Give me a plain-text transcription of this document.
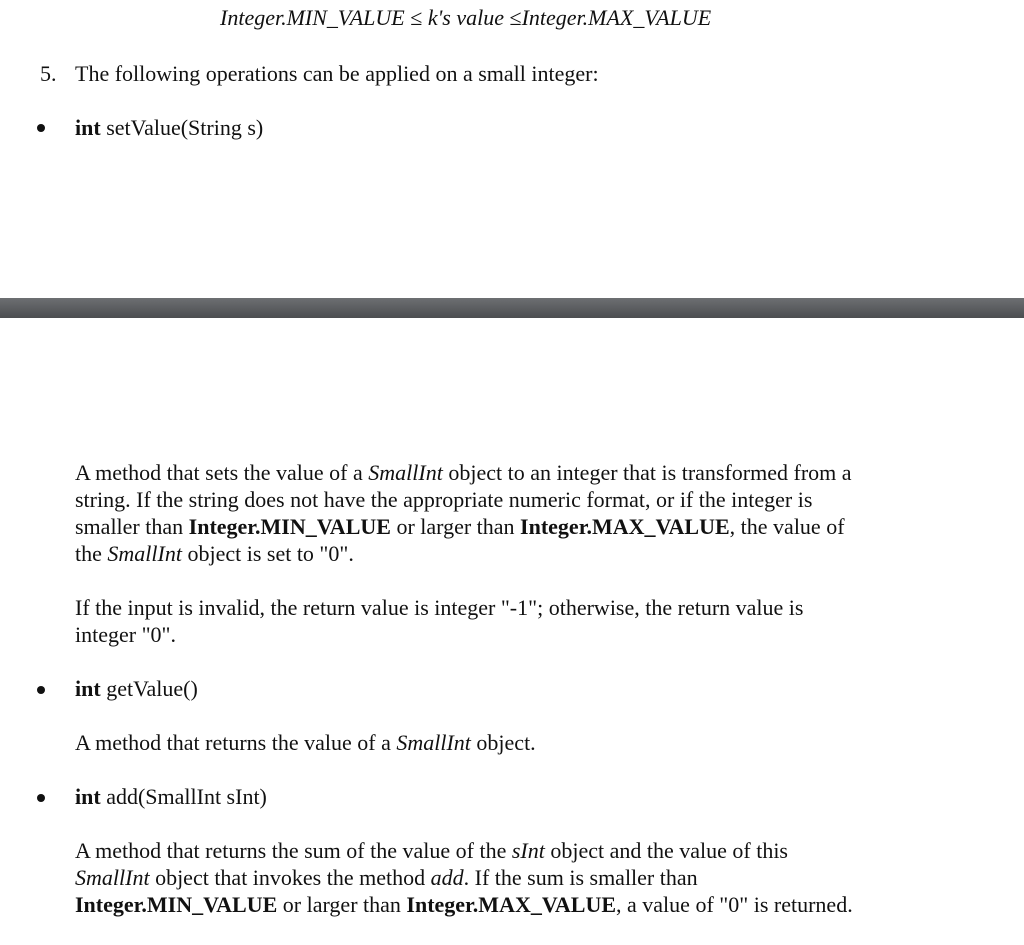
Integer.MIN_VALUE ≤ k's value ≤Integer.MAX_VALUE
5. The following operations can be applied on a small integer:
int setValue(String s)
A method that sets the value of a SmallInt object to an integer that is transformed from a
string. If the string does not have the appropriate numeric format, or if the integer is
smaller than Integer.MIN_VALUE or larger than Integer.MAX_VALUE, the value of
the SmallInt object is set to "0".
If the input is invalid, the return value is integer "-1"; otherwise, the return value is
integer "0".
int getValue()
A method that returns the value of a SmallInt object.
int add(SmallInt sInt)
A method that returns the sum of the value of the sInt object and the value of this
SmallInt object that invokes the method add. If the sum is smaller than
Integer.MIN_VALUE or larger than Integer.MAX_VALUE, a value of "0" is returned.
